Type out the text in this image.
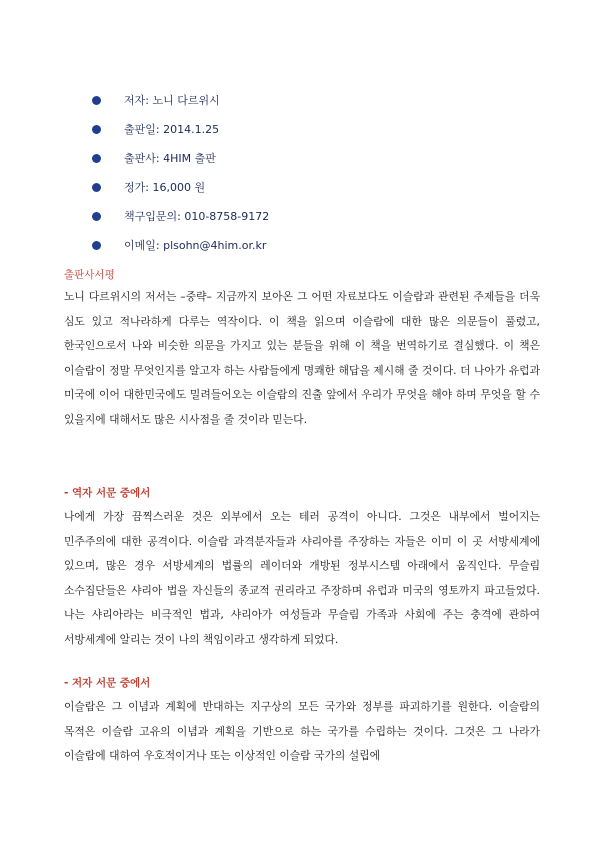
저자: 노니 다르위시
출판일: 2014.1.25
출판사: 4HIM 출판
정가: 16,000 원
책구입문의: 010-8758-9172
이메일: plsohn@4him.or.kr
출판사서평

노니 다르위시의 저서는 –중략– 지금까지 보아온 그 어떤 자료보다도 이슬람과 관련된 주제들을 더욱 심도 있고 적나라하게 다루는 역작이다. 이 책을 읽으며 이슬람에 대한 많은 의문들이 풀렸고, 한국인으로서 나와 비슷한 의문을 가지고 있는 분들을 위해 이 책을 번역하기로 결심했다. 이 책은 이슬람이 정말 무엇인지를 알고자 하는 사람들에게 명쾌한 해답을 제시해 줄 것이다. 더 나아가 유럽과 미국에 이어 대한민국에도 밀려들어오는 이슬람의 진출 앞에서 우리가 무엇을 해야 하며 무엇을 할 수 있을지에 대해서도 많은 시사점을 줄 것이라 믿는다.

- 역자 서문 중에서

나에게 가장 끔찍스러운 것은 외부에서 오는 테러 공격이 아니다. 그것은 내부에서 벌어지는 민주주의에 대한 공격이다. 이슬람 과격분자들과 샤리아를 주장하는 자들은 이미 이 곳 서방세계에 있으며, 많은 경우 서방세계의 법률의 레이더와 개방된 정부시스템 아래에서 움직인다. 무슬림 소수집단들은 샤리아 법을 자신들의 종교적 권리라고 주장하며 유럽과 미국의 영토까지 파고들었다. 나는 샤리아라는 비극적인 법과, 샤리아가 여성들과 무슬림 가족과 사회에 주는 충격에 관하여 서방세계에 알리는 것이 나의 책임이라고 생각하게 되었다.

- 저자 서문 중에서

이슬람은 그 이념과 계획에 반대하는 지구상의 모든 국가와 정부를 파괴하기를 원한다. 이슬람의 목적은 이슬람 고유의 이념과 계획을 기반으로 하는 국가를 수립하는 것이다. 그것은 그 나라가 이슬람에 대하여 우호적이거나 또는 이상적인 이슬람 국가의 설립에
